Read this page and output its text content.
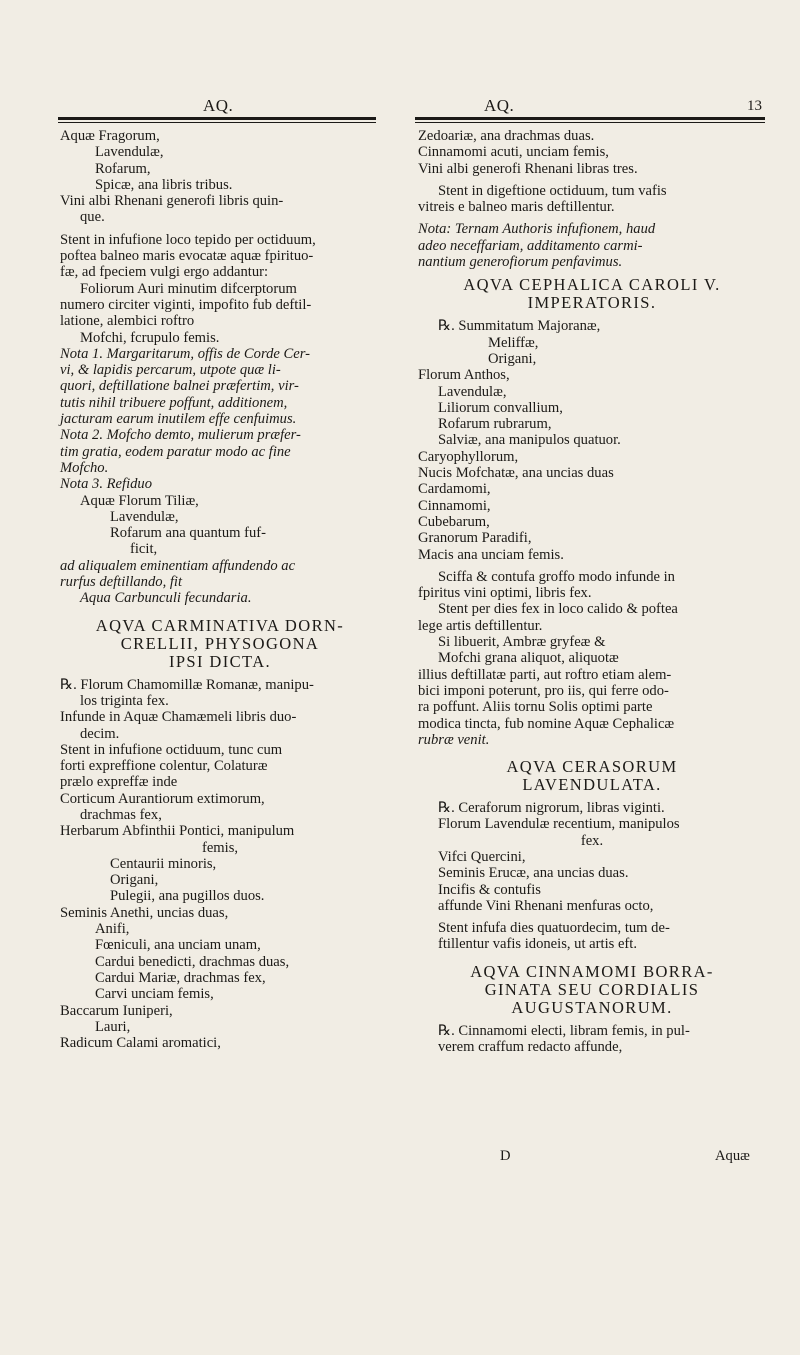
AQ.	AQ.	13
Aquæ Fragorum,
Lavendulæ,
Rofarum,
Spicæ, ana libris tribus.
Vini albi Rhenani generofi libris quin-
que.
Stent in infufione loco tepido per octiduum,
poftea balneo maris evocatæ aquæ fpirituo-
fæ, ad fpeciem vulgi ergo addantur:
Foliorum Auri minutim difcerptorum
numero circiter viginti, impofito fub deftil-
latione, alembici roftro
Mofchi, fcrupulo femis.
Nota 1. Margaritarum, offis de Corde Cer-
vi, & lapidis percarum, utpote quæ li-
quori, deftillatione balnei præfertim, vir-
tutis nihil tribuere poffunt, additionem,
jacturam earum inutilem effe cenfuimus.
Nota 2. Mofcho demto, mulierum præfer-
tim gratia, eodem paratur modo ac fine
Mofcho.
Nota 3. Refiduo
Aquæ Florum Tiliæ,
Lavendulæ,
Rofarum ana quantum fuf-
ficit,
ad aliqualem eminentiam affundendo ac
rurfus deftillando, fit
Aqua Carbunculi fecundaria.
AQVA CARMINATIVA DORN-
CRELLII, PHYSOGONA
IPSI DICTA.
℞. Florum Chamomillæ Romanæ, manipu-
los triginta fex.
Infunde in Aquæ Chamæmeli libris duo-
decim.
Stent in infufione octiduum, tunc cum
forti expreffione colentur, Colaturæ
prælo expreffæ inde
Corticum Aurantiorum extimorum,
drachmas fex,
Herbarum Abfinthii Pontici, manipulum
femis,
Centaurii minoris,
Origani,
Pulegii, ana pugillos duos.
Seminis Anethi, uncias duas,
Anifi,
Fœniculi, ana unciam unam,
Cardui benedicti, drachmas duas,
Cardui Mariæ, drachmas fex,
Carvi unciam femis,
Baccarum Iuniperi,
Lauri,
Radicum Calami aromatici,
Zedoariæ, ana drachmas duas.
Cinnamomi acuti, unciam femis,
Vini albi generofi Rhenani libras tres.
Stent in digeftione octiduum, tum vafis
vitreis e balneo maris deftillentur.
Nota: Ternam Authoris infufionem, haud
adeo neceffariam, additamento carmi-
nantium generofiorum penfavimus.
AQVA CEPHALICA CAROLI V.
IMPERATORIS.
℞. Summitatum Majoranæ,
Meliffæ,
Origani,
Florum Anthos,
Lavendulæ,
Liliorum convallium,
Rofarum rubrarum,
Salviæ, ana manipulos quatuor.
Caryophyllorum,
Nucis Mofchatæ, ana uncias duas
Cardamomi,
Cinnamomi,
Cubebarum,
Granorum Paradifi,
Macis ana unciam femis.
Sciffa & contufa groffo modo infunde in
fpiritus vini optimi, libris fex.
Stent per dies fex in loco calido & poftea
lege artis deftillentur.
Si libuerit, Ambræ gryfeæ &
Mofchi grana aliquot, aliquotæ
illius deftillatæ parti, aut roftro etiam alem-
bici imponi poterunt, pro iis, qui ferre odo-
ra poffunt. Aliis tornu Solis optimi parte
modica tincta, fub nomine Aquæ Cephalicæ
rubræ venit.
AQVA CERASORUM
LAVENDULATA.
℞. Ceraforum nigrorum, libras viginti.
Florum Lavendulæ recentium, manipulos
fex.
Vifci Quercini,
Seminis Erucæ, ana uncias duas.
Incifis & contufis
affunde Vini Rhenani menfuras octo,
Stent infufa dies quatuordecim, tum de-
ftillentur vafis idoneis, ut artis eft.
AQVA CINNAMOMI BORRA-
GINATA SEU CORDIALIS
AUGUSTANORUM.
℞. Cinnamomi electi, libram femis, in pul-
verem craffum redacto affunde,
D	Aquæ
